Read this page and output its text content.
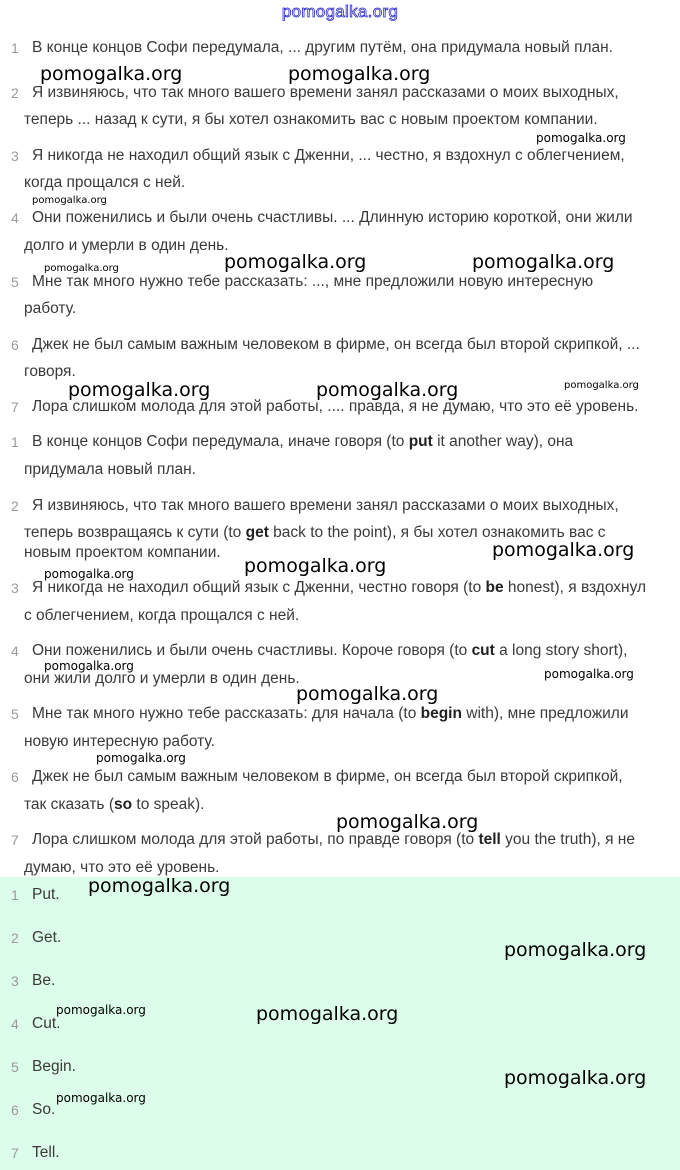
pomogalka.org
1 В конце концов Софи передумала, ... другим путём, она придумала новый план.
2 Я извиняюсь, что так много вашего времени занял рассказами о моих выходных,
теперь ... назад к сути, я бы хотел ознакомить вас с новым проектом компании.
3 Я никогда не находил общий язык с Дженни, ... честно, я вздохнул с облегчением,
когда прощался с ней.
4 Они поженились и были очень счастливы. ... Длинную историю короткой, они жили
долго и умерли в один день.
5 Мне так много нужно тебе рассказать: ..., мне предложили новую интересную
работу.
6 Джек не был самым важным человеком в фирме, он всегда был второй скрипкой, ...
говоря.
7 Лора слишком молода для этой работы, .... правда, я не думаю, что это её уровень.
1 В конце концов Софи передумала, иначе говоря (to put it another way), она
придумала новый план.
2 Я извиняюсь, что так много вашего времени занял рассказами о моих выходных,
теперь возвращаясь к сути (to get back to the point), я бы хотел ознакомить вас с
новым проектом компании.
3 Я никогда не находил общий язык с Дженни, честно говоря (to be honest), я вздохнул
с облегчением, когда прощался с ней.
4 Они поженились и были очень счастливы. Короче говоря (to cut a long story short),
они жили долго и умерли в один день.
5 Мне так много нужно тебе рассказать: для начала (to begin with), мне предложили
новую интересную работу.
6 Джек не был самым важным человеком в фирме, он всегда был второй скрипкой,
так сказать (so to speak).
7 Лора слишком молода для этой работы, по правде говоря (to tell you the truth), я не
думаю, что это её уровень.
1 Put.
2 Get.
3 Be.
4 Cut.
5 Begin.
6 So.
7 Tell.
pomogalka.org	pomogalka.org
pomogalka.org
pomogalka.org
pomogalka.org	pomogalka.org
pomogalka.org
pomogalka.org	pomogalka.org	pomogalka.org
pomogalka.org
pomogalka.org
pomogalka.org
pomogalka.org
pomogalka.org
pomogalka.org
pomogalka.org
pomogalka.org
pomogalka.org
pomogalka.org
pomogalka.org	pomogalka.org
pomogalka.org
pomogalka.org
